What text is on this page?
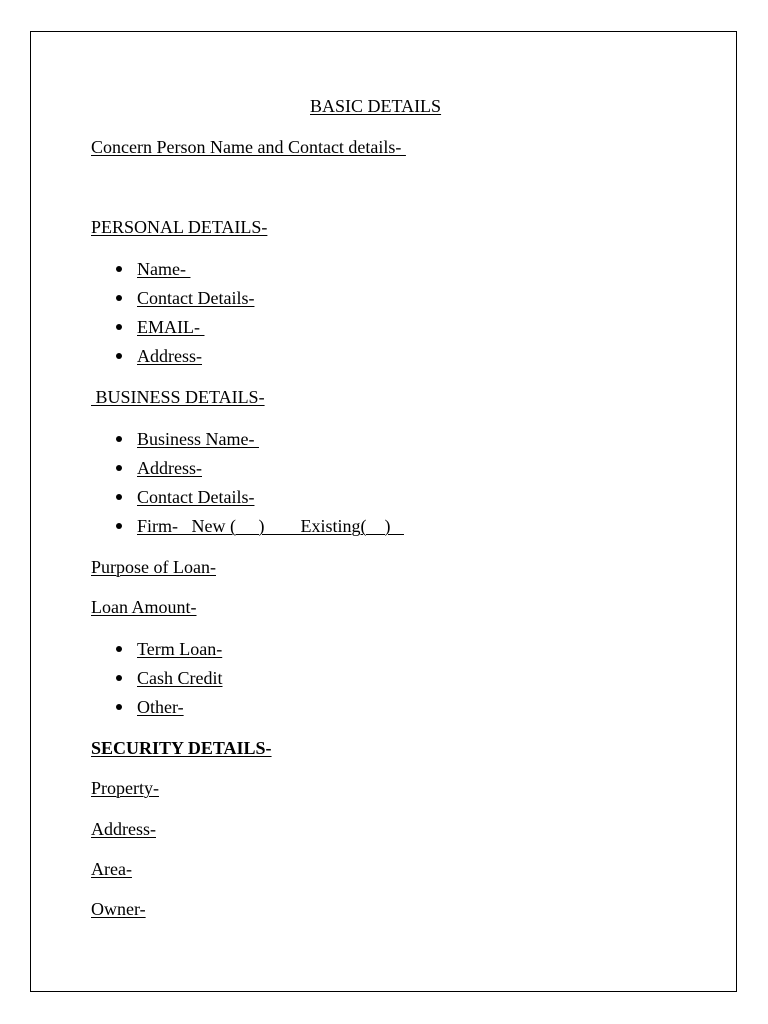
BASIC DETAILS

Concern Person Name and Contact details-

PERSONAL DETAILS-

Name-
Contact Details-
EMAIL-
Address-

BUSINESS DETAILS-

Business Name-
Address-
Contact Details-
Firm-   New (     )        Existing(    )

Purpose of Loan-

Loan Amount-

Term Loan-
Cash Credit
Other-

SECURITY DETAILS-

Property-

Address-

Area-

Owner-
